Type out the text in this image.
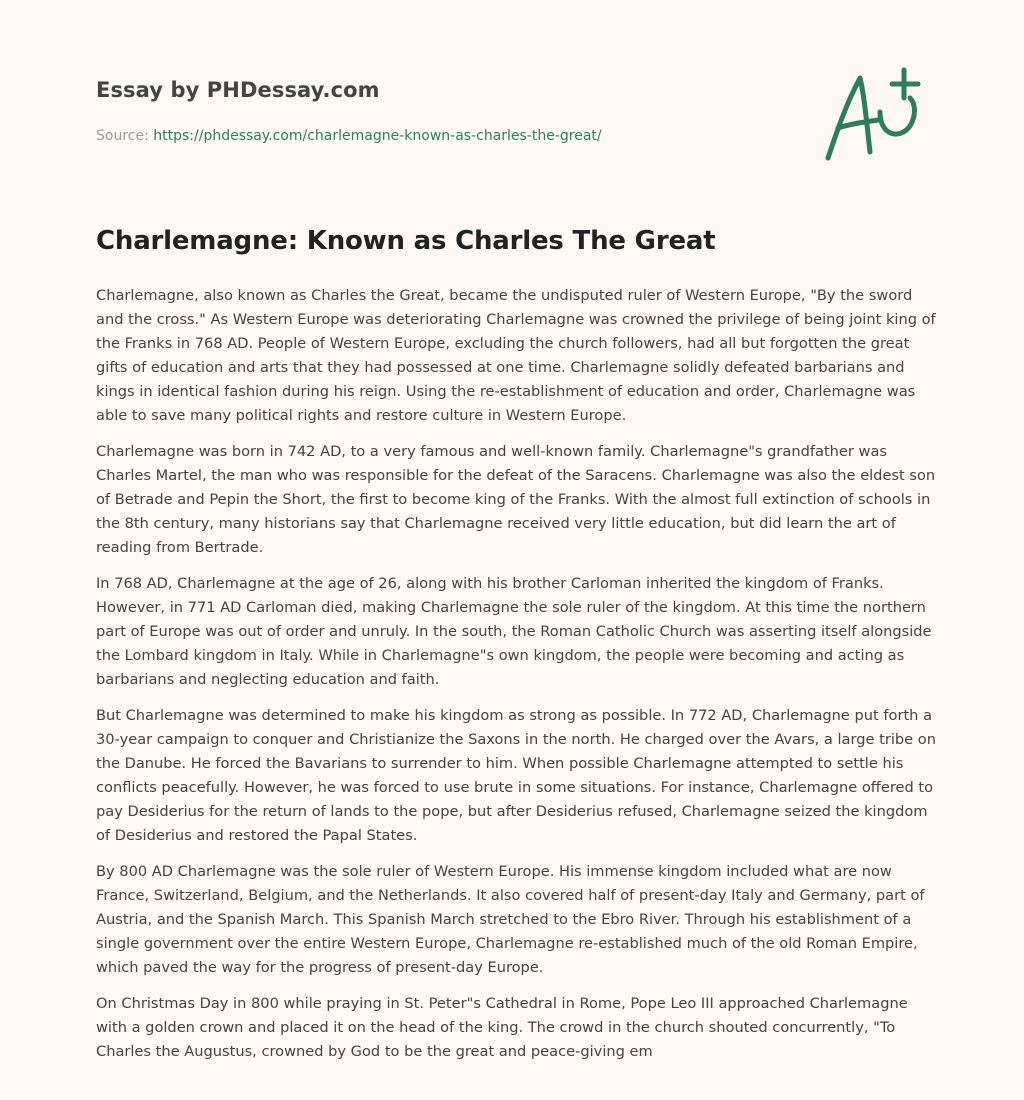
Essay by PHDessay.com
Source: https://phdessay.com/charlemagne-known-as-charles-the-great/
Charlemagne: Known as Charles The Great

Charlemagne, also known as Charles the Great, became the undisputed ruler of Western Europe, "By the sword and the cross." As Western Europe was deteriorating Charlemagne was crowned the privilege of being joint king of the Franks in 768 AD. People of Western Europe, excluding the church followers, had all but forgotten the great gifts of education and arts that they had possessed at one time. Charlemagne solidly defeated barbarians and kings in identical fashion during his reign. Using the re-establishment of education and order, Charlemagne was able to save many political rights and restore culture in Western Europe.

Charlemagne was born in 742 AD, to a very famous and well-known family. Charlemagne"s grandfather was Charles Martel, the man who was responsible for the defeat of the Saracens. Charlemagne was also the eldest son of Betrade and Pepin the Short, the first to become king of the Franks. With the almost full extinction of schools in the 8th century, many historians say that Charlemagne received very little education, but did learn the art of reading from Bertrade.

In 768 AD, Charlemagne at the age of 26, along with his brother Carloman inherited the kingdom of Franks. However, in 771 AD Carloman died, making Charlemagne the sole ruler of the kingdom. At this time the northern part of Europe was out of order and unruly. In the south, the Roman Catholic Church was asserting itself alongside the Lombard kingdom in Italy. While in Charlemagne"s own kingdom, the people were becoming and acting as barbarians and neglecting education and faith.

But Charlemagne was determined to make his kingdom as strong as possible. In 772 AD, Charlemagne put forth a 30-year campaign to conquer and Christianize the Saxons in the north. He charged over the Avars, a large tribe on the Danube. He forced the Bavarians to surrender to him. When possible Charlemagne attempted to settle his conflicts peacefully. However, he was forced to use brute in some situations. For instance, Charlemagne offered to pay Desiderius for the return of lands to the pope, but after Desiderius refused, Charlemagne seized the kingdom of Desiderius and restored the Papal States.

By 800 AD Charlemagne was the sole ruler of Western Europe. His immense kingdom included what are now France, Switzerland, Belgium, and the Netherlands. It also covered half of present-day Italy and Germany, part of Austria, and the Spanish March. This Spanish March stretched to the Ebro River. Through his establishment of a single government over the entire Western Europe, Charlemagne re-established much of the old Roman Empire, which paved the way for the progress of present-day Europe.

On Christmas Day in 800 while praying in St. Peter"s Cathedral in Rome, Pope Leo III approached Charlemagne with a golden crown and placed it on the head of the king. The crowd in the church shouted concurrently, "To Charles the Augustus, crowned by God to be the great and peace-giving em
